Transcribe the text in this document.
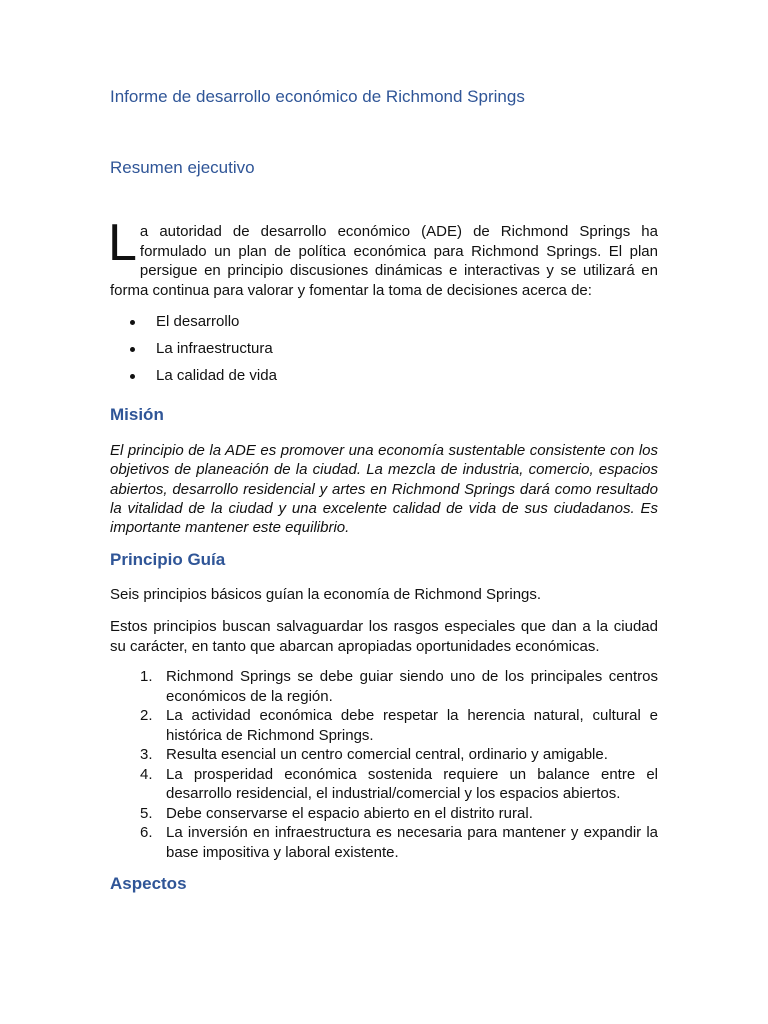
Informe de desarrollo económico de Richmond Springs
Resumen ejecutivo
La autoridad de desarrollo económico (ADE) de Richmond Springs ha formulado un plan de política económica para Richmond Springs. El plan persigue en principio discusiones dinámicas e interactivas y se utilizará en forma continua para valorar y fomentar la toma de decisiones acerca de:
El desarrollo
La infraestructura
La calidad de vida
Misión
El principio de la ADE es promover una economía sustentable consistente con los objetivos de planeación de la ciudad. La mezcla de industria, comercio, espacios abiertos, desarrollo residencial y artes en Richmond Springs dará como resultado la vitalidad de la ciudad y una excelente calidad de vida de sus ciudadanos. Es importante mantener este equilibrio.
Principio Guía
Seis principios básicos guían la economía de Richmond Springs.
Estos principios buscan salvaguardar los rasgos especiales que dan a la ciudad su carácter, en tanto que abarcan apropiadas oportunidades económicas.
1. Richmond Springs se debe guiar siendo uno de los principales centros económicos de la región.
2. La actividad económica debe respetar la herencia natural, cultural e histórica de Richmond Springs.
3. Resulta esencial un centro comercial central, ordinario y amigable.
4. La prosperidad económica sostenida requiere un balance entre el desarrollo residencial, el industrial/comercial y los espacios abiertos.
5. Debe conservarse el espacio abierto en el distrito rural.
6. La inversión en infraestructura es necesaria para mantener y expandir la base impositiva y laboral existente.
Aspectos
